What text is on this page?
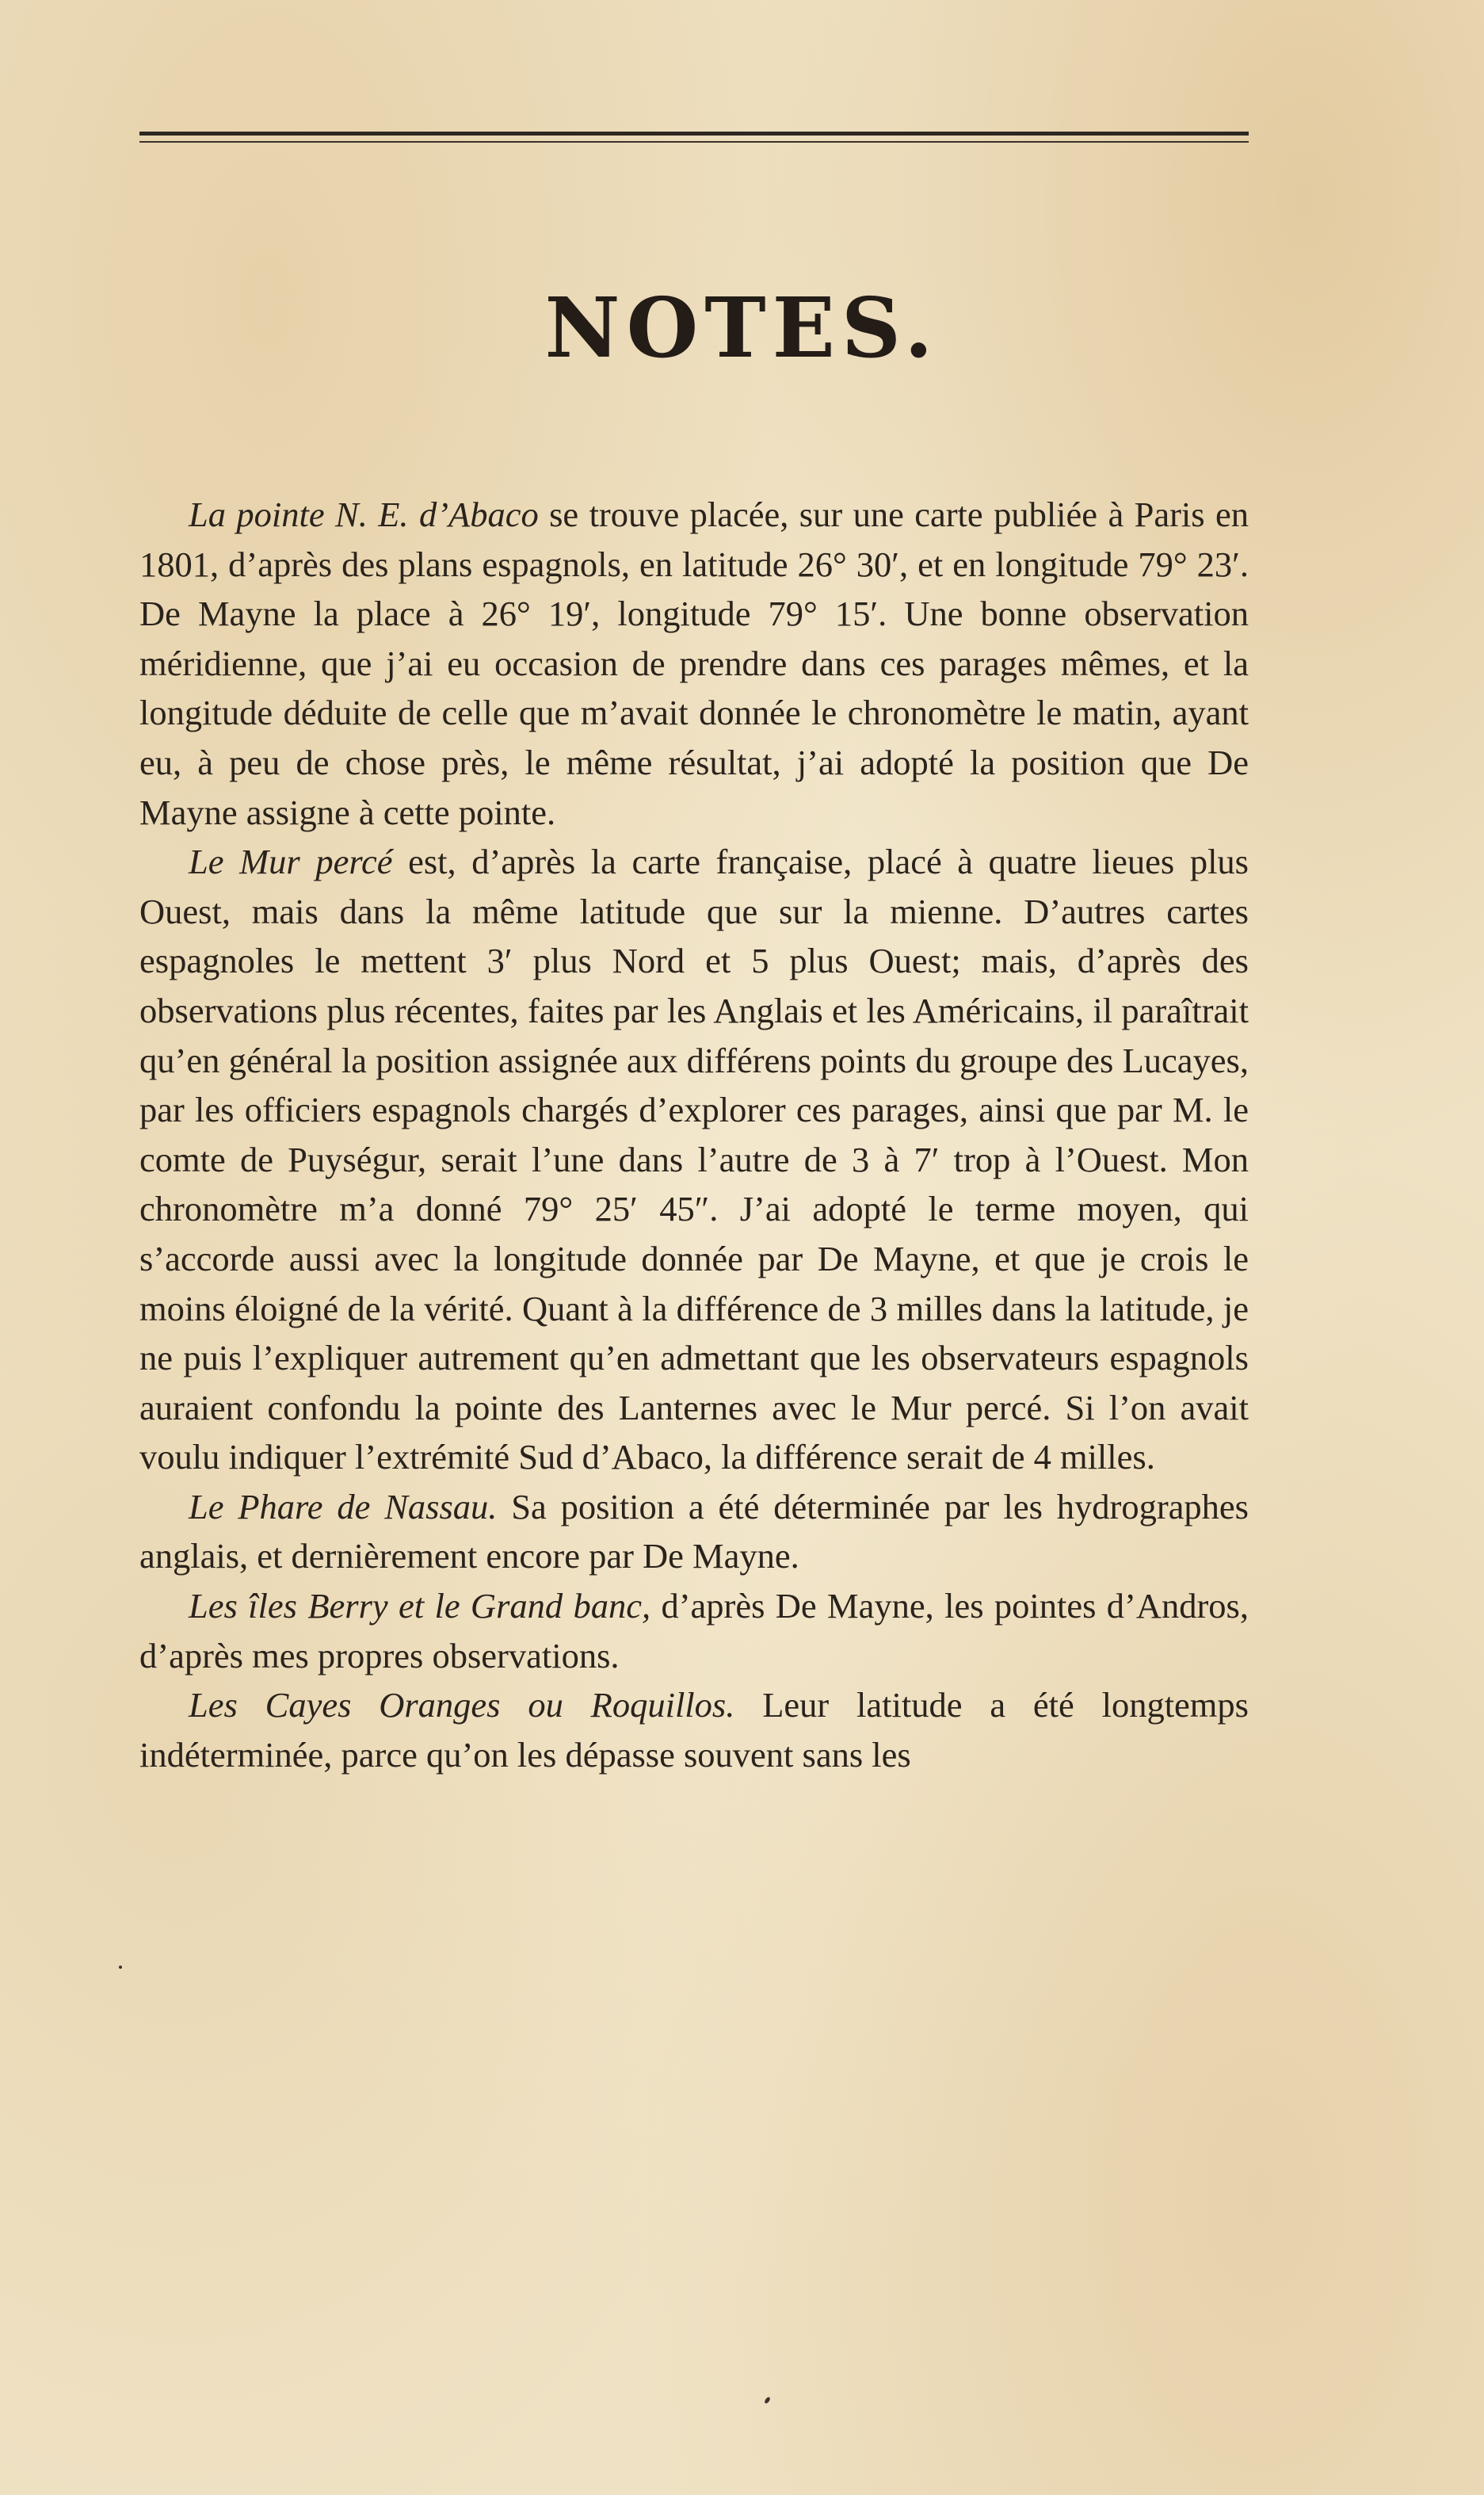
NOTES.

La pointe N. E. d’Abaco se trouve placée, sur une carte publiée à Paris en 1801, d’après des plans espagnols, en latitude 26° 30′, et en longitude 79° 23′. De Mayne la place à 26° 19′, longitude 79° 15′. Une bonne observation méridienne, que j’ai eu occasion de prendre dans ces parages mêmes, et la longitude déduite de celle que m’avait donnée le chronomètre le matin, ayant eu, à peu de chose près, le même résultat, j’ai adopté la position que De Mayne assigne à cette pointe.

Le Mur percé est, d’après la carte française, placé à quatre lieues plus Ouest, mais dans la même latitude que sur la mienne. D’autres cartes espagnoles le mettent 3′ plus Nord et 5 plus Ouest; mais, d’après des observations plus récentes, faites par les Anglais et les Américains, il paraîtrait qu’en général la position assignée aux différens points du groupe des Lucayes, par les officiers espagnols chargés d’explorer ces parages, ainsi que par M. le comte de Puységur, serait l’une dans l’autre de 3 à 7′ trop à l’Ouest. Mon chronomètre m’a donné 79° 25′ 45″. J’ai adopté le terme moyen, qui s’accorde aussi avec la longitude donnée par De Mayne, et que je crois le moins éloigné de la vérité. Quant à la différence de 3 milles dans la latitude, je ne puis l’expliquer autrement qu’en admettant que les observateurs espagnols auraient confondu la pointe des Lanternes avec le Mur percé. Si l’on avait voulu indiquer l’extrémité Sud d’Abaco, la différence serait de 4 milles.

Le Phare de Nassau. Sa position a été déterminée par les hydrographes anglais, et dernièrement encore par De Mayne.

Les îles Berry et le Grand banc, d’après De Mayne, les pointes d’Andros, d’après mes propres observations.

Les Cayes Oranges ou Roquillos. Leur latitude a été longtemps indéterminée, parce qu’on les dépasse souvent sans les
